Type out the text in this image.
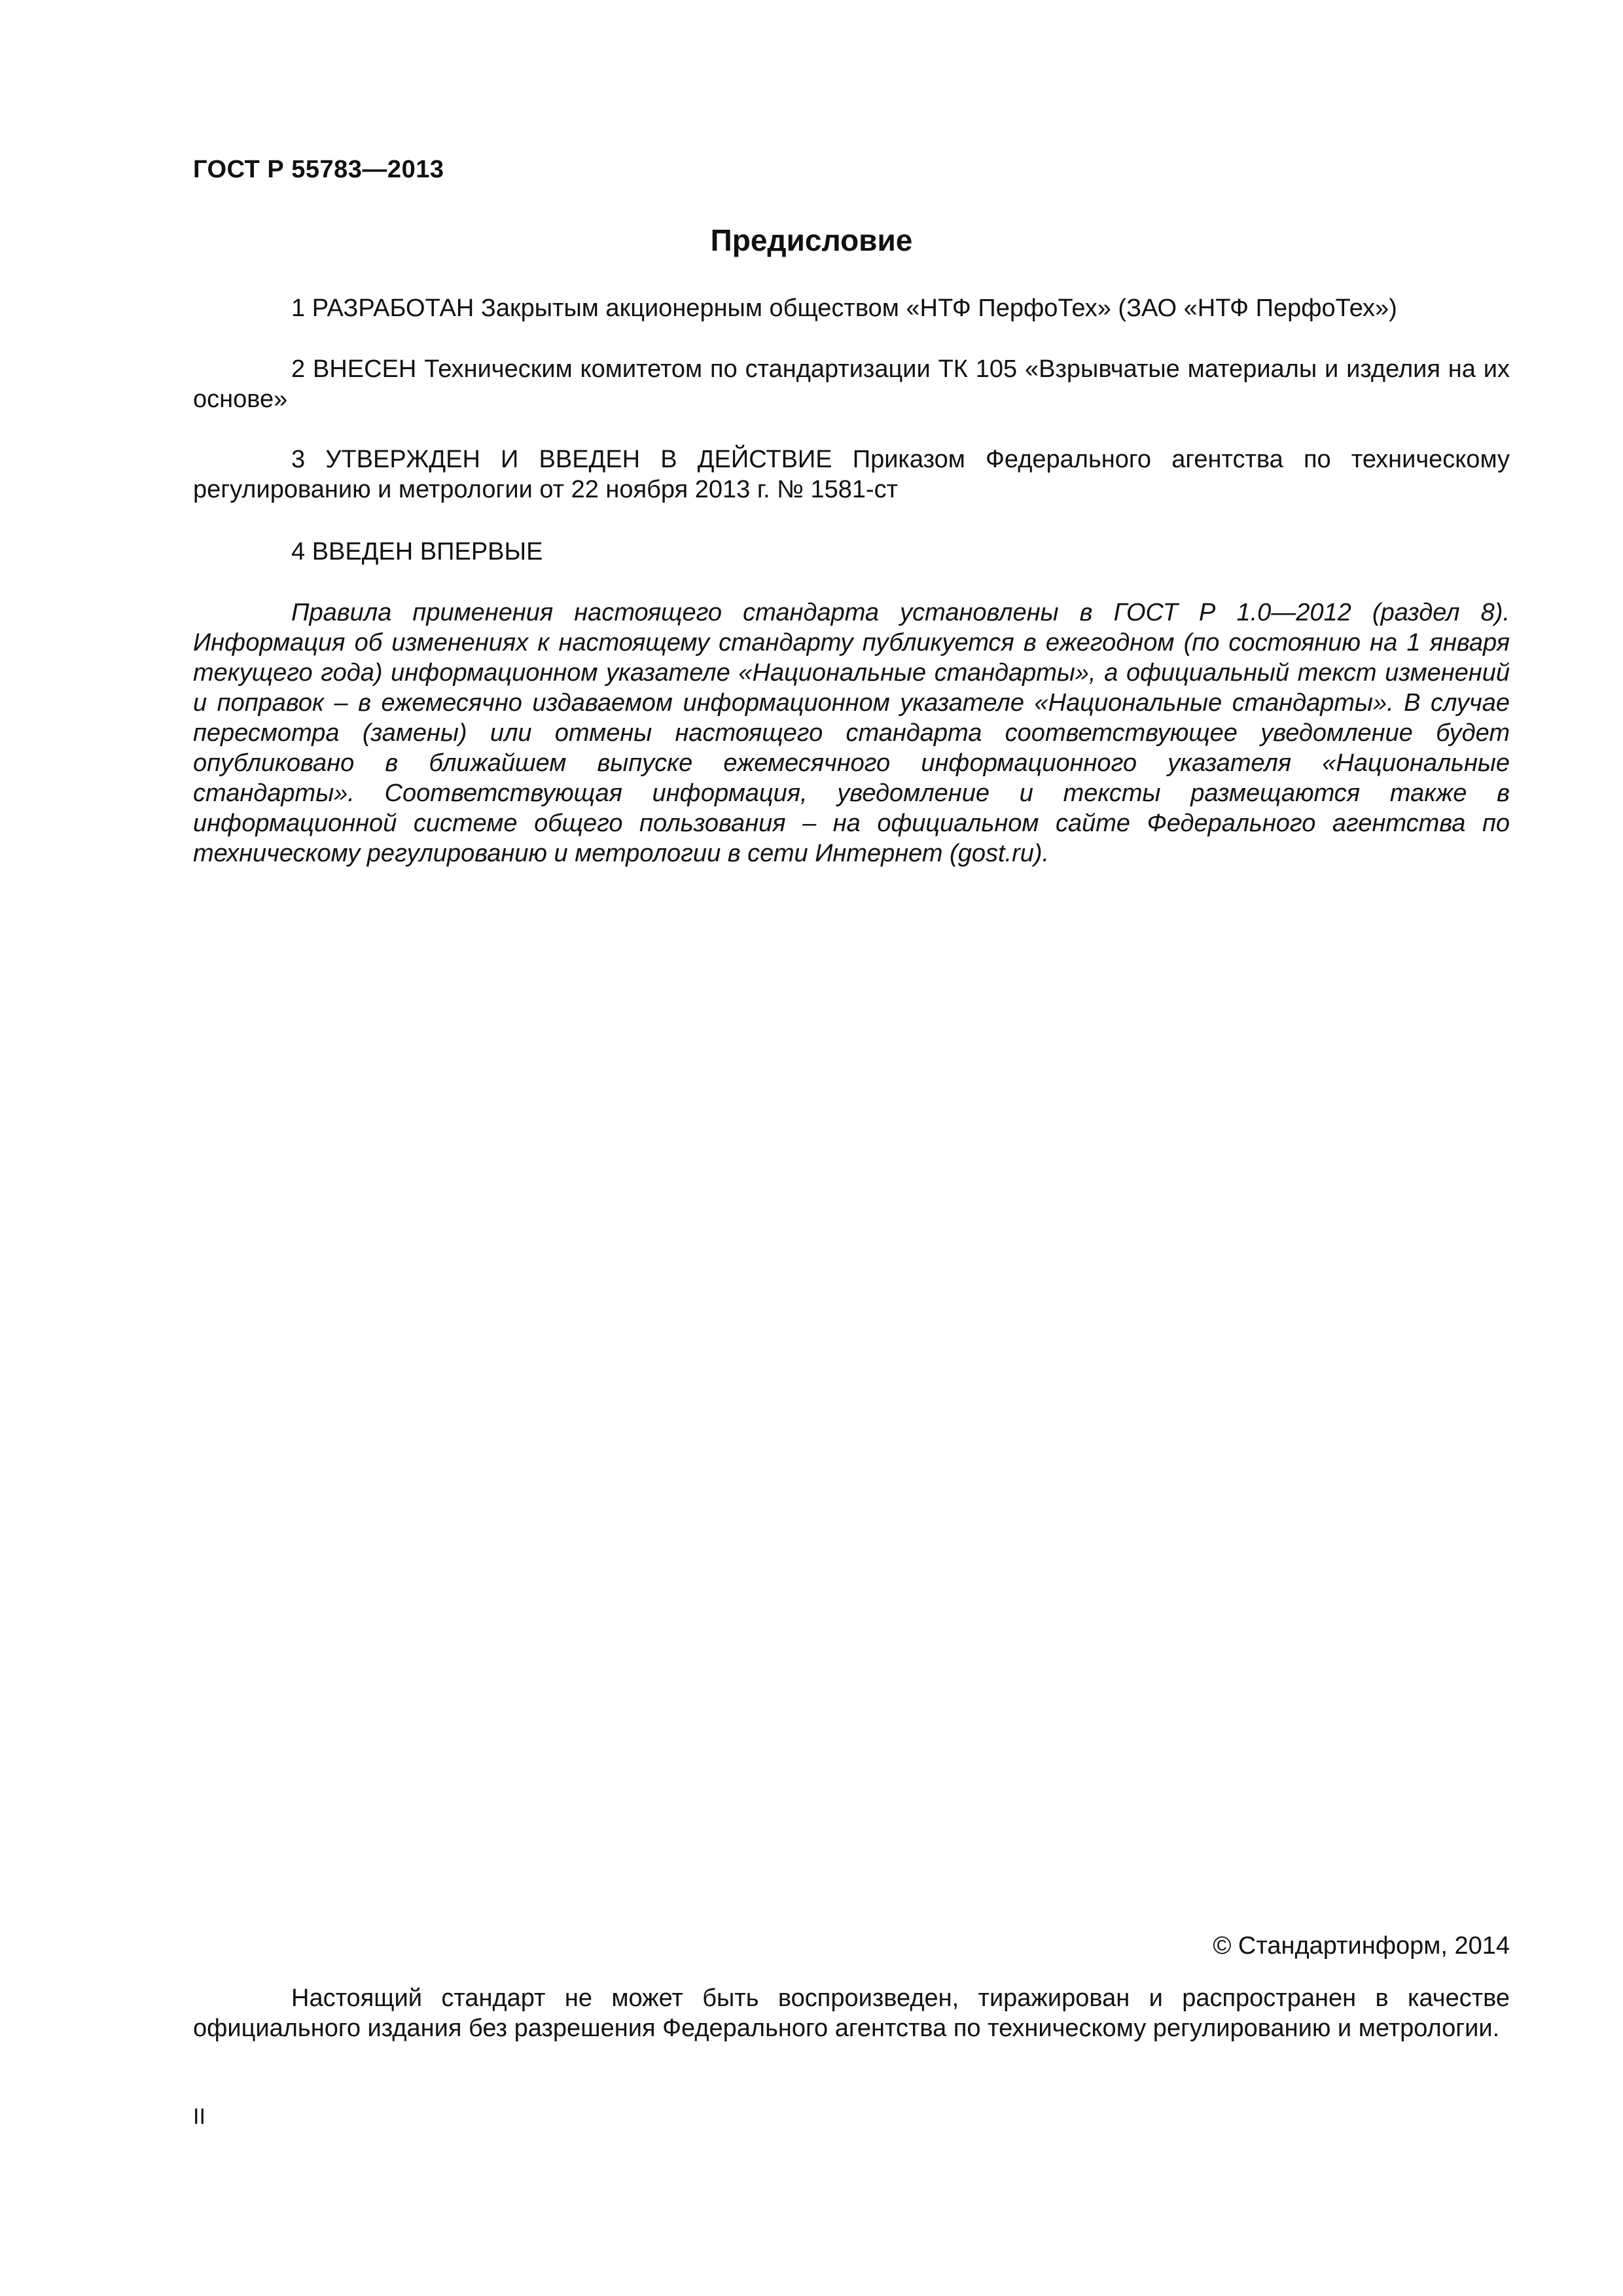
ГОСТ Р 55783—2013
Предисловие

1 РАЗРАБОТАН Закрытым акционерным обществом «НТФ ПерфоТех» (ЗАО «НТФ ПерфоТех»)

2 ВНЕСЕН Техническим комитетом по стандартизации ТК 105 «Взрывчатые материалы и изделия на их основе»

3 УТВЕРЖДЕН И ВВЕДЕН В ДЕЙСТВИЕ Приказом Федерального агентства по техническому регулированию и метрологии от 22 ноября 2013 г. № 1581-ст

4 ВВЕДЕН ВПЕРВЫЕ

Правила применения настоящего стандарта установлены в ГОСТ Р 1.0—2012 (раздел 8). Информация об изменениях к настоящему стандарту публикуется в ежегодном (по состоянию на 1 января текущего года) информационном указателе «Национальные стандарты», а официальный текст изменений и поправок – в ежемесячно издаваемом информационном указателе «Национальные стандарты». В случае пересмотра (замены) или отмены настоящего стандарта соответствующее уведомление будет опубликовано в ближайшем выпуске ежемесячного информационного указателя «Национальные стандарты». Соответствующая информация, уведомление и тексты размещаются также в информационной системе общего пользования – на официальном сайте Федерального агентства по техническому регулированию и метрологии в сети Интернет (gost.ru).

© Стандартинформ, 2014

Настоящий стандарт не может быть воспроизведен, тиражирован и распространен в качестве официального издания без разрешения Федерального агентства по техническому регулированию и метрологии.

II
